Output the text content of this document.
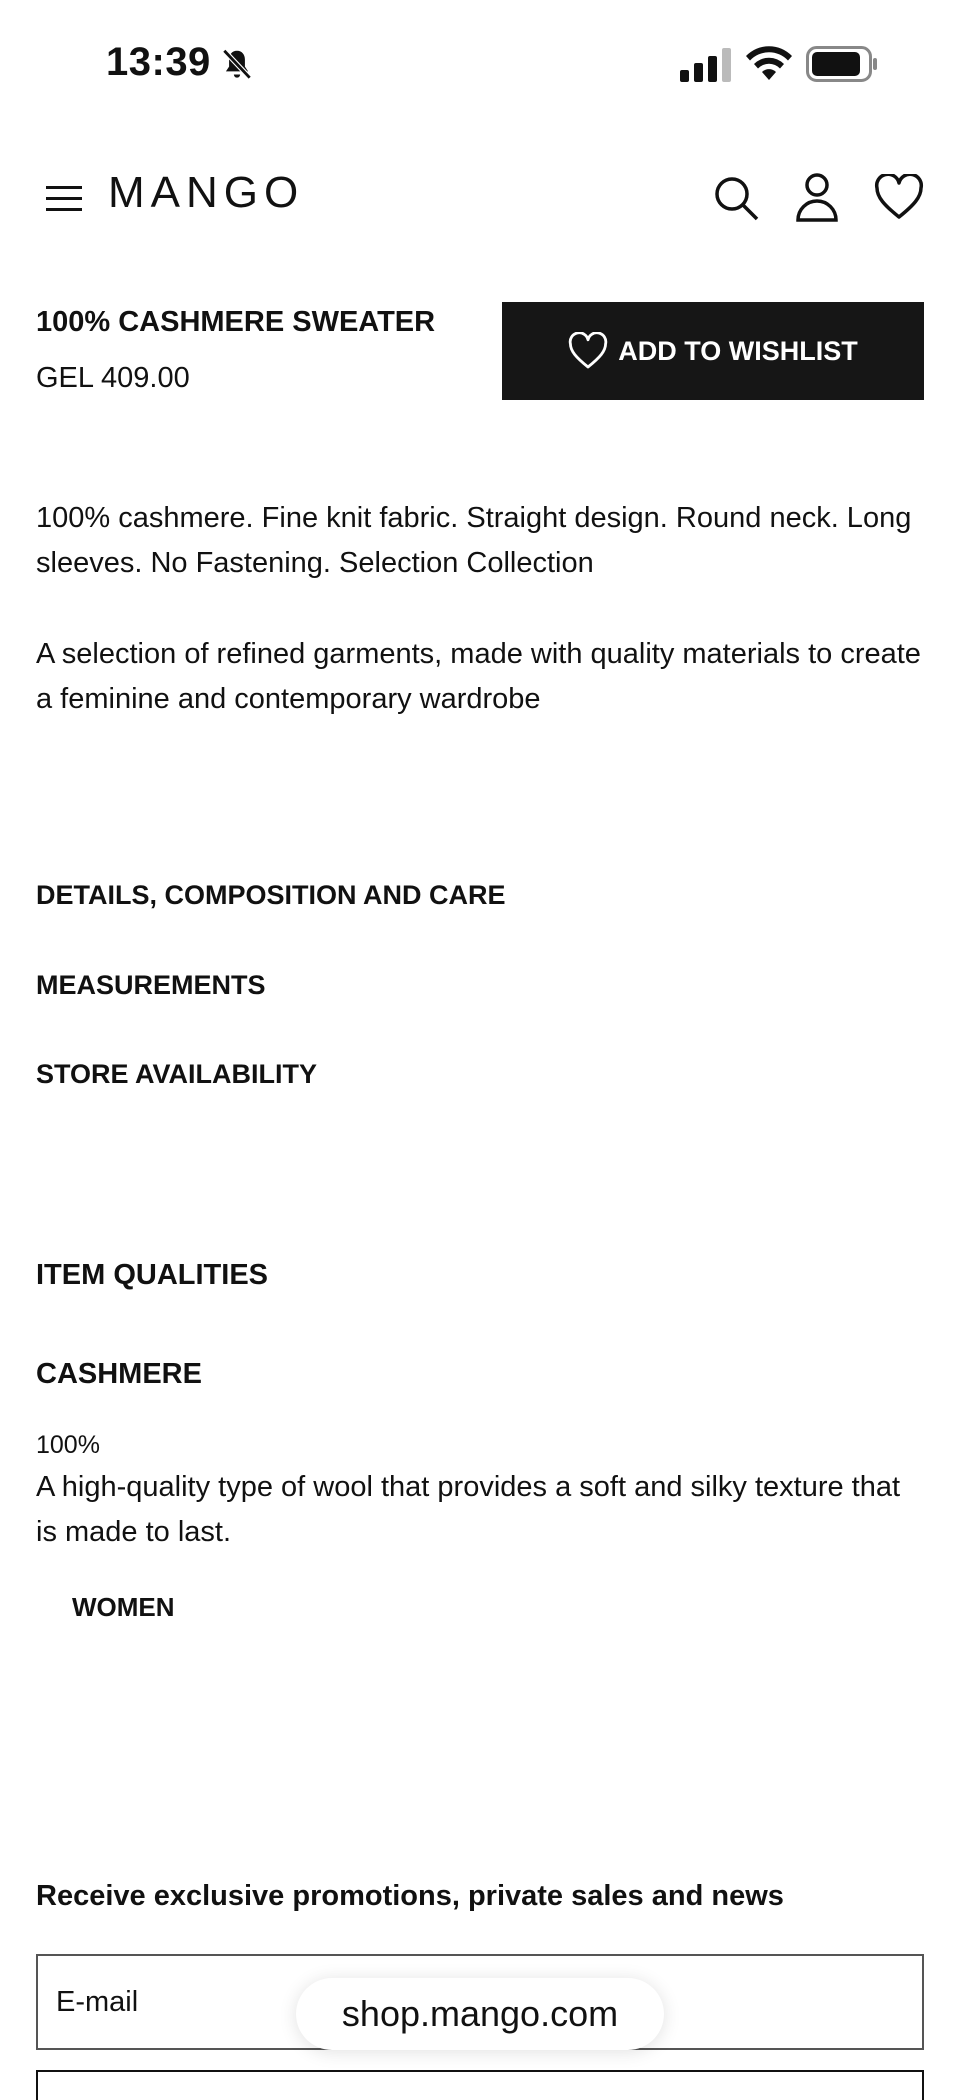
13:39
MANGO
100% CASHMERE SWEATER
GEL 409.00
ADD TO WISHLIST
100% cashmere. Fine knit fabric. Straight design. Round neck. Long sleeves. No Fastening. Selection Collection
A selection of refined garments, made with quality materials to create a feminine and contemporary wardrobe
DETAILS, COMPOSITION AND CARE
MEASUREMENTS
STORE AVAILABILITY
ITEM QUALITIES
CASHMERE
100%
A high-quality type of wool that provides a soft and silky texture that is made to last.
WOMEN
Receive exclusive promotions, private sales and news
E-mail
shop.mango.com
